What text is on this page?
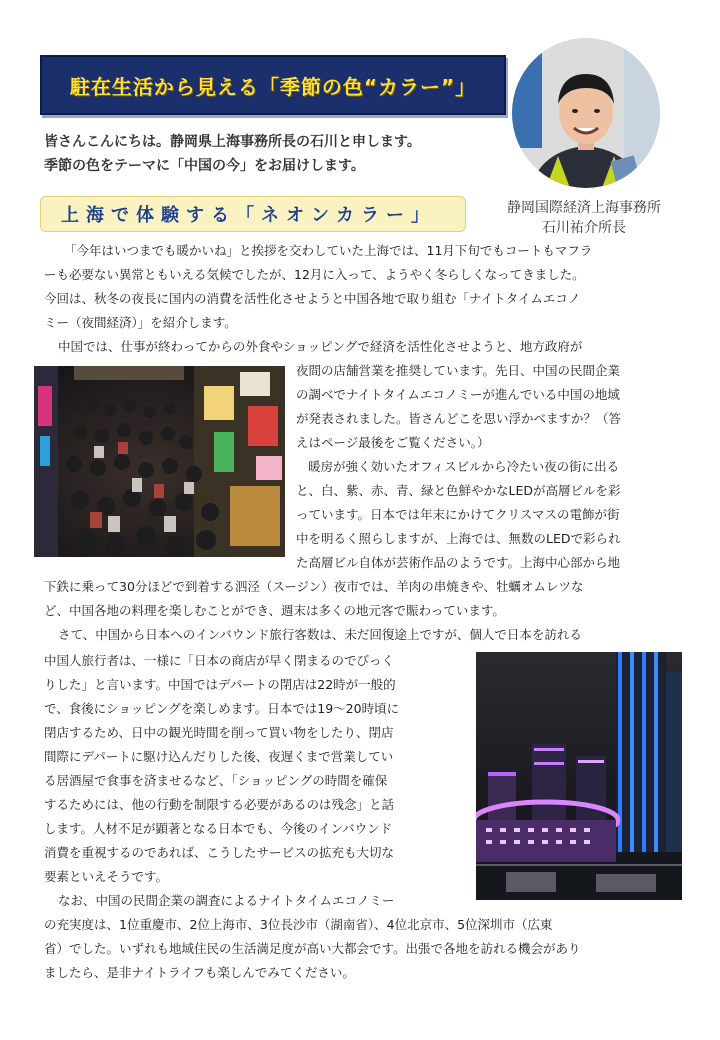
駐在生活から見える「季節の色“カラー”」
皆さんこんにちは。静岡県上海事務所長の石川と申します。
季節の色をテーマに「中国の今」をお届けします。
上海で体験する「ネオンカラー」	静岡国際経済上海事務所
石川祐介所長
「今年はいつまでも暖かいね」と挨拶を交わしていた上海では、11月下旬でもコートもマフラ
ーも必要ない異常ともいえる気候でしたが、12月に入って、ようやく冬らしくなってきました。
今回は、秋冬の夜長に国内の消費を活性化させようと中国各地で取り組む「ナイトタイムエコノ
ミー（夜間経済）」を紹介します。
中国では、仕事が終わってからの外食やショッピングで経済を活性化させようと、地方政府が
夜間の店舗営業を推奨しています。先日、中国の民間企業
の調べでナイトタイムエコノミーが進んでいる中国の地域
が発表されました。皆さんどこを思い浮かべますか？（答
えはページ最後をご覧ください。）
暖房が強く効いたオフィスビルから冷たい夜の街に出る
と、白、紫、赤、青、緑と色鮮やかなLEDが高層ビルを彩
っています。日本では年末にかけてクリスマスの電飾が街
中を明るく照らしますが、上海では、無数のLEDで彩られ
た高層ビル自体が芸術作品のようです。上海中心部から地
下鉄に乗って30分ほどで到着する泗泾（スージン）夜市では、羊肉の串焼きや、牡蠣オムレツな
ど、中国各地の料理を楽しむことができ、週末は多くの地元客で賑わっています。
さて、中国から日本へのインバウンド旅行客数は、未だ回復途上ですが、個人で日本を訪れる
中国人旅行者は、一様に「日本の商店が早く閉まるのでびっく
りした」と言います。中国ではデパートの閉店は22時が一般的
で、食後にショッピングを楽しめます。日本では19〜20時頃に
閉店するため、日中の観光時間を削って買い物をしたり、閉店
間際にデパートに駆け込んだりした後、夜遅くまで営業してい
る居酒屋で食事を済ませるなど、「ショッピングの時間を確保
するためには、他の行動を制限する必要があるのは残念」と話
します。人材不足が顕著となる日本でも、今後のインバウンド
消費を重視するのであれば、こうしたサービスの拡充も大切な
要素といえそうです。
なお、中国の民間企業の調査によるナイトタイムエコノミー
の充実度は、1位重慶市、2位上海市、3位長沙市（湖南省）、4位北京市、5位深圳市（広東
省）でした。いずれも地域住民の生活満足度が高い大都会です。出張で各地を訪れる機会があり
ましたら、是非ナイトライフも楽しんでみてください。
